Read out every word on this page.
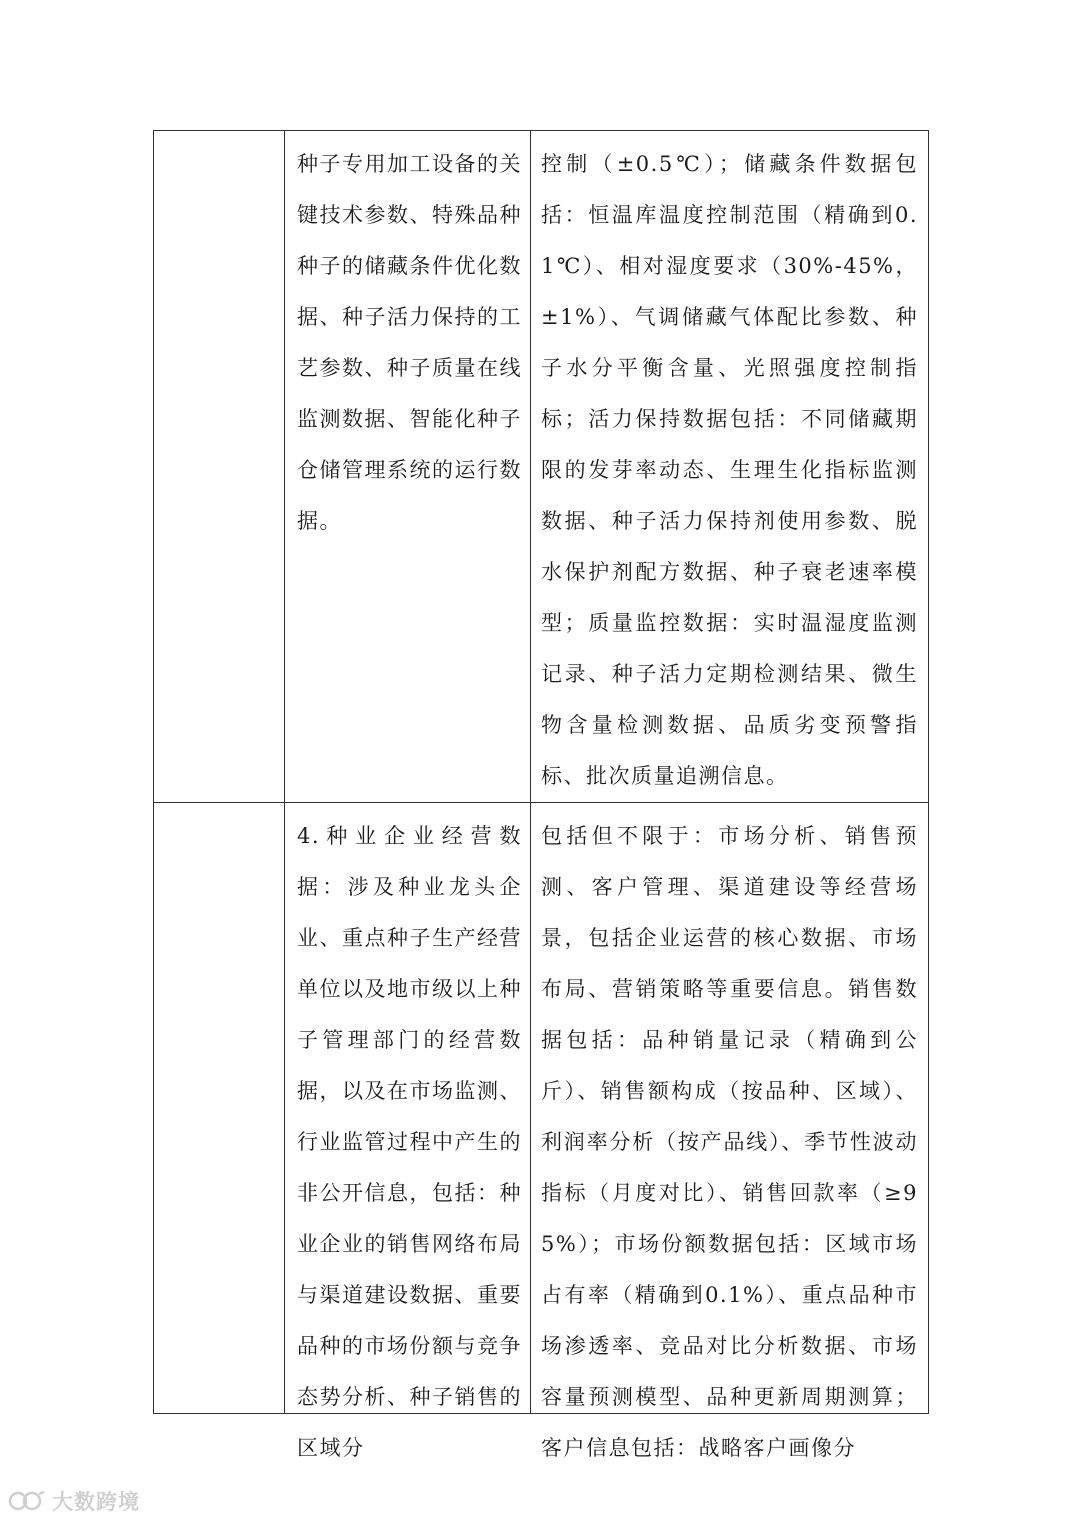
	种子专用加工设备的关键技术参数、特殊品种种子的储藏条件优化数据、种子活力保持的工艺参数、种子质量在线监测数据、智能化种子仓储管理系统的运行数据。	控制（±0.5℃）；储藏条件数据包括：恒温库温度控制范围（精确到0.1℃）、相对湿度要求（30%-45%，±1%）、气调储藏气体配比参数、种子水分平衡含量、光照强度控制指标；活力保持数据包括：不同储藏期限的发芽率动态、生理生化指标监测数据、种子活力保持剂使用参数、脱水保护剂配方数据、种子衰老速率模型；质量监控数据：实时温湿度监测记录、种子活力定期检测结果、微生物含量检测数据、品质劣变预警指标、批次质量追溯信息。

	4.种业企业经营数据：涉及种业龙头企业、重点种子生产经营单位以及地市级以上种子管理部门的经营数据，以及在市场监测、行业监管过程中产生的非公开信息，包括：种业企业的销售网络布局与渠道建设数据、重要品种的市场份额与竞争态势分析、种子销售的区域分	包括但不限于：市场分析、销售预测、客户管理、渠道建设等经营场景，包括企业运营的核心数据、市场布局、营销策略等重要信息。销售数据包括：品种销量记录（精确到公斤）、销售额构成（按品种、区域）、利润率分析（按产品线）、季节性波动指标（月度对比）、销售回款率（≥95%）；市场份额数据包括：区域市场占有率（精确到0.1%）、重点品种市场渗透率、竞品对比分析数据、市场容量预测模型、品种更新周期测算；客户信息包括：战略客户画像分
大数跨境
